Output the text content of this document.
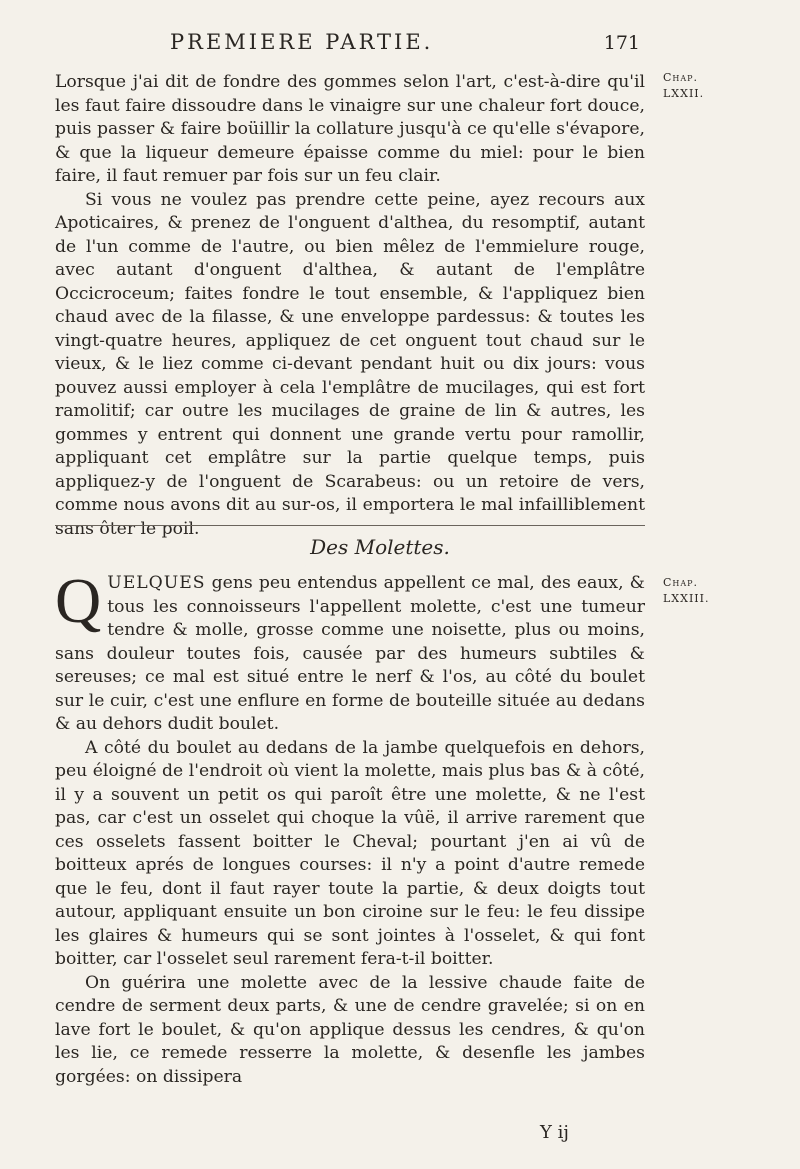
PREMIERE PARTIE.	171
Chap. LXXII.

Lorsque j'ai dit de fondre des gommes selon l'art, c'est-à-dire qu'il les faut faire dissoudre dans le vinaigre sur une chaleur fort douce, puis passer & faire boüillir la collature jusqu'à ce qu'elle s'évapore, & que la liqueur demeure épaisse comme du miel: pour le bien faire, il faut remuer par fois sur un feu clair.

Si vous ne voulez pas prendre cette peine, ayez recours aux Apoticaires, & prenez de l'onguent d'althea, du resomptif, autant de l'un comme de l'autre, ou bien mêlez de l'emmielure rouge, avec autant d'onguent d'althea, & autant de l'emplâtre Occicroceum; faites fondre le tout ensemble, & l'appliquez bien chaud avec de la filasse, & une enveloppe pardessus: & toutes les vingt-quatre heures, appliquez de cet onguent tout chaud sur le vieux, & le liez comme ci-devant pendant huit ou dix jours: vous pouvez aussi employer à cela l'emplâtre de mucilages, qui est fort ramolitif; car outre les mucilages de graine de lin & autres, les gommes y entrent qui donnent une grande vertu pour ramollir, appliquant cet emplâtre sur la partie quelque temps, puis appliquez-y de l'onguent de Scarabeus: ou un retoire de vers, comme nous avons dit au sur-os, il emportera le mal infailliblement sans ôter le poil.

Des Molettes.
Chap. LXXIII.

QUELQUES gens peu entendus appellent ce mal, des eaux, & tous les connoisseurs l'appellent molette, c'est une tumeur tendre & molle, grosse comme une noisette, plus ou moins, sans douleur toutes fois, causée par des humeurs subtiles & sereuses; ce mal est situé entre le nerf & l'os, au côté du boulet sur le cuir, c'est une enflure en forme de bouteille située au dedans & au dehors dudit boulet.

A côté du boulet au dedans de la jambe quelquefois en dehors, peu éloigné de l'endroit où vient la molette, mais plus bas & à côté, il y a souvent un petit os qui paroît être une molette, & ne l'est pas, car c'est un osselet qui choque la vûë, il arrive rarement que ces osselets fassent boitter le Cheval; pourtant j'en ai vû de boitteux aprés de longues courses: il n'y a point d'autre remede que le feu, dont il faut rayer toute la partie, & deux doigts tout autour, appliquant ensuite un bon ciroine sur le feu: le feu dissipe les glaires & humeurs qui se sont jointes à l'osselet, & qui font boitter, car l'osselet seul rarement fera-t-il boitter.

On guérira une molette avec de la lessive chaude faite de cendre de serment deux parts, & une de cendre gravelée; si on en lave fort le boulet, & qu'on applique dessus les cendres, & qu'on les lie, ce remede resserre la molette, & desenfle les jambes gorgées: on dissipera

Y ij
